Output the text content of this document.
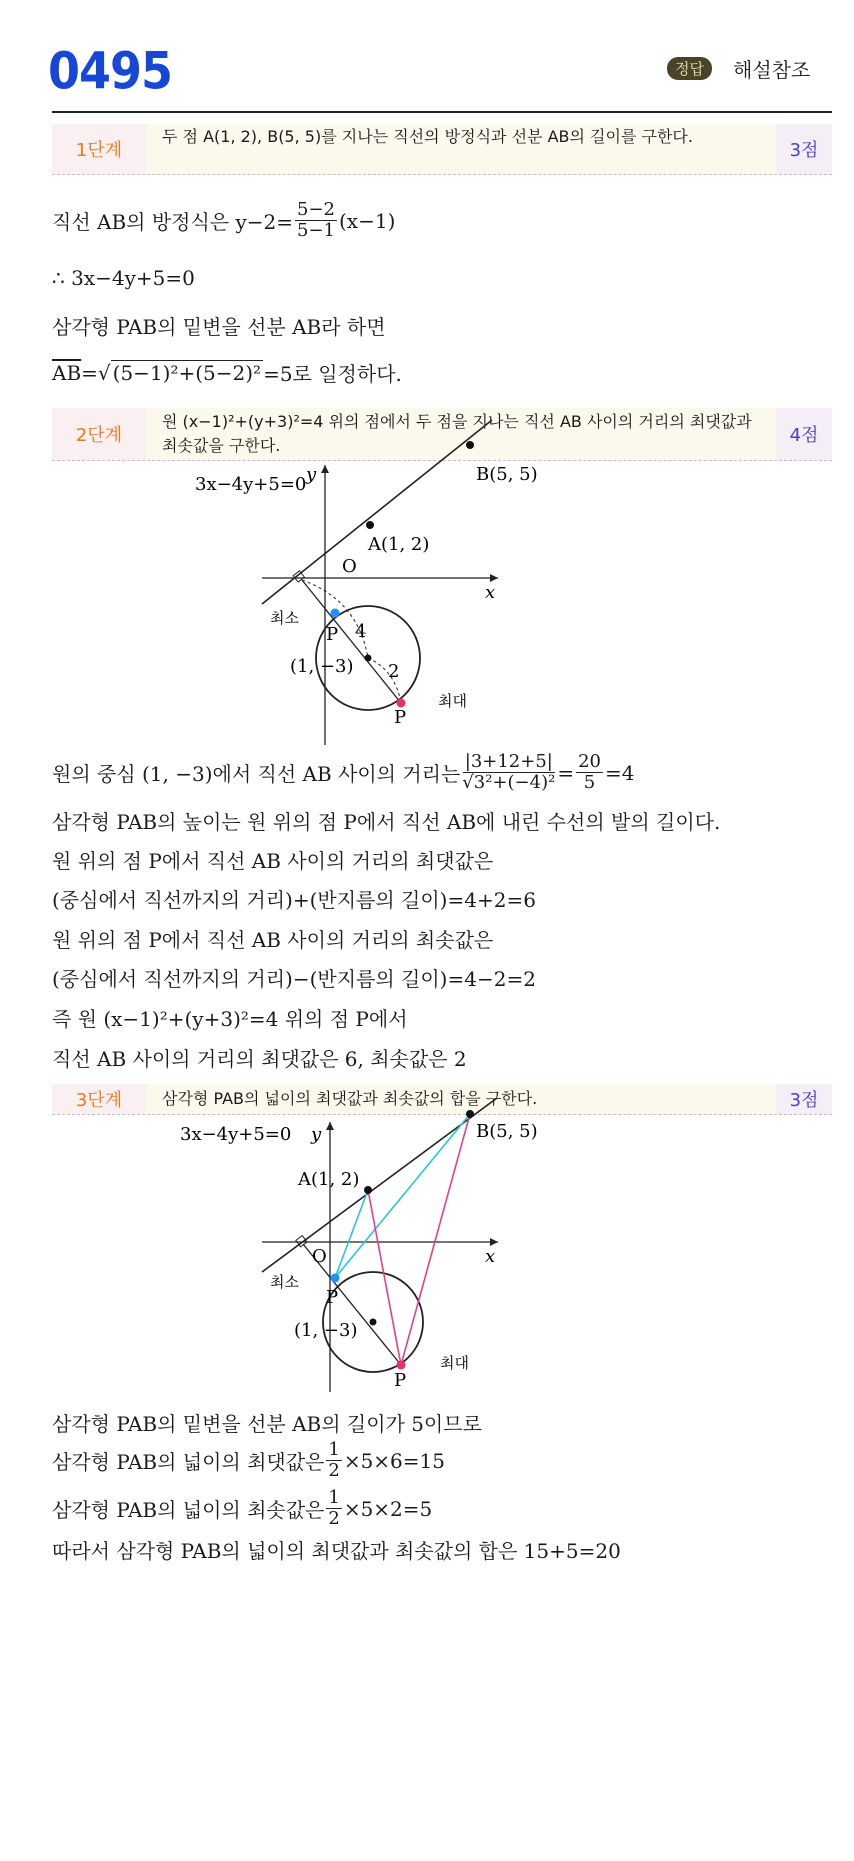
0495	정답	해설참조
1단계
두 점 A(1, 2), B(5, 5)를 지나는 직선의 방정식과 선분 AB의 길이를 구한다.
3점
직선 AB의 방정식은 $y-2= \frac{5-2}{5-1} (x-1)$
∴ 3x−4y+5=0
삼각형 PAB의 밑변을 선분 AB라 하면
$\overline{AB}$ =√ (5−1)²+(5−2)² =5로 일정하다.
2단계
원 (x−1)²+(y+3)²=4 위의 점에서 두 점을 지나는 직선 AB 사이의 거리의 최댓값과 최솟값을 구한다.	4점
원의 중심 (1, −3)에서 직선 AB 사이의 거리는 $\frac{|3+12+5|}{\text{√3²+(−4)²}} = \frac{20}{5} =4$
삼각형 PAB의 높이는 원 위의 점 P에서 직선 AB에 내린 수선의 발의 길이다.
원 위의 점 P에서 직선 AB 사이의 거리의 최댓값은
(중심에서 직선까지의 거리)+(반지름의 길이)=4+2=6
원 위의 점 P에서 직선 AB 사이의 거리의 최솟값은
(중심에서 직선까지의 거리)−(반지름의 길이)=4−2=2
즉 원 (x−1)²+(y+3)²=4 위의 점 P에서
직선 AB 사이의 거리의 최댓값은 6, 최솟값은 2
3단계	삼각형 PAB의 넓이의 최댓값과 최솟값의 합을 구한다.	3점
3x−4y+5=0	B(5, 5)
A(1, 2)
O
x
y
최소
P 4
(1, −3) 2
P
최대
3x−4y+5=0	B(5, 5)
A(1, 2)
O	x
y
최소
P
(1, −3)
P
최대
삼각형 PAB의 밑변을 선분 AB의 길이가 5이므로
삼각형 PAB의 넓이의 최댓값은 $\frac{1}{2} \times 5\times 6=15$
삼각형 PAB의 넓이의 최솟값은 $\frac{1}{2} \times 5\times 2=5$
따라서 삼각형 PAB의 넓이의 최댓값과 최솟값의 합은 15+5=20
